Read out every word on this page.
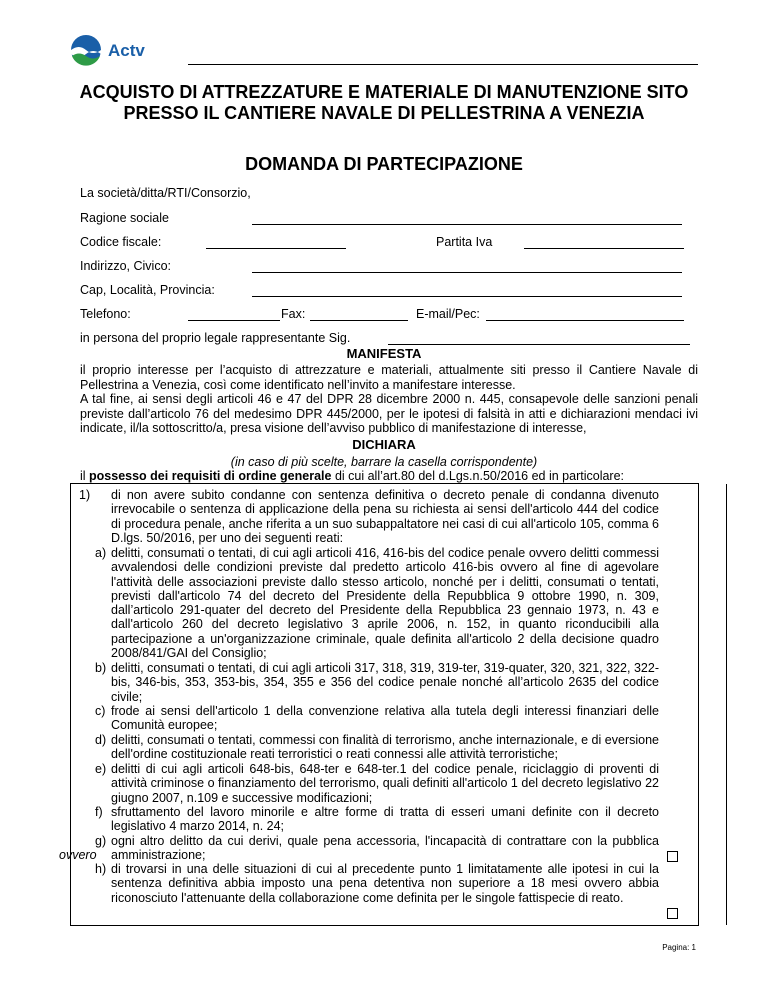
Actv
ACQUISTO DI ATTREZZATURE E MATERIALE DI MANUTENZIONE SITO PRESSO IL CANTIERE NAVALE DI PELLESTRINA A VENEZIA
DOMANDA DI PARTECIPAZIONE
La società/ditta/RTI/Consorzio,
Ragione sociale
Codice fiscale:	Partita Iva
Indirizzo, Civico:
Cap, Località, Provincia:
Telefono:	Fax:	E-mail/Pec:
in persona del proprio legale rappresentante Sig.
MANIFESTA
il proprio interesse per l’acquisto di attrezzature e materiali, attualmente siti presso il Cantiere Navale di Pellestrina a Venezia, così come identificato nell’invito a manifestare interesse.
A tal fine, ai sensi degli articoli 46 e 47 del DPR 28 dicembre 2000 n. 445, consapevole delle sanzioni penali previste dall’articolo 76 del medesimo DPR 445/2000, per le ipotesi di falsità in atti e dichiarazioni mendaci ivi indicate, il/la sottoscritto/a, presa visione dell’avviso pubblico di manifestazione di interesse,
DICHIARA
(in caso di più scelte, barrare la casella corrispondente)
il possesso dei requisiti di ordine generale di cui all’art.80 del d.Lgs.n.50/2016 ed in particolare:
1) di non avere subito condanne con sentenza definitiva o decreto penale di condanna divenuto irrevocabile o sentenza di applicazione della pena su richiesta ai sensi dell'articolo 444 del codice di procedura penale, anche riferita a un suo subappaltatore nei casi di cui all'articolo 105, comma 6 D.lgs. 50/2016, per uno dei seguenti reati:
a) delitti, consumati o tentati, di cui agli articoli 416, 416-bis del codice penale ovvero delitti commessi avvalendosi delle condizioni previste dal predetto articolo 416-bis ovvero al fine di agevolare l'attività delle associazioni previste dallo stesso articolo, nonché per i delitti, consumati o tentati, previsti dall'articolo 74 del decreto del Presidente della Repubblica 9 ottobre 1990, n. 309, dall’articolo 291-quater del decreto del Presidente della Repubblica 23 gennaio 1973, n. 43 e dall'articolo 260 del decreto legislativo 3 aprile 2006, n. 152, in quanto riconducibili alla partecipazione a un'organizzazione criminale, quale definita all'articolo 2 della decisione quadro 2008/841/GAI del Consiglio;
b) delitti, consumati o tentati, di cui agli articoli 317, 318, 319, 319-ter, 319-quater, 320, 321, 322, 322-bis, 346-bis, 353, 353-bis, 354, 355 e 356 del codice penale nonché all’articolo 2635 del codice civile;
c) frode ai sensi dell'articolo 1 della convenzione relativa alla tutela degli interessi finanziari delle Comunità europee;
d) delitti, consumati o tentati, commessi con finalità di terrorismo, anche internazionale, e di eversione dell'ordine costituzionale reati terroristici o reati connessi alle attività terroristiche;
e) delitti di cui agli articoli 648-bis, 648-ter e 648-ter.1 del codice penale, riciclaggio di proventi di attività criminose o finanziamento del terrorismo, quali definiti all'articolo 1 del decreto legislativo 22 giugno 2007, n.109 e successive modificazioni;
f) sfruttamento del lavoro minorile e altre forme di tratta di esseri umani definite con il decreto legislativo 4 marzo 2014, n. 24;
g) ogni altro delitto da cui derivi, quale pena accessoria, l'incapacità di contrattare con la pubblica amministrazione;
ovvero
h) di trovarsi in una delle situazioni di cui al precedente punto 1 limitatamente alle ipotesi in cui la sentenza definitiva abbia imposto una pena detentiva non superiore a 18 mesi ovvero abbia riconosciuto l'attenuante della collaborazione come definita per le singole fattispecie di reato.
Pagina: 1
